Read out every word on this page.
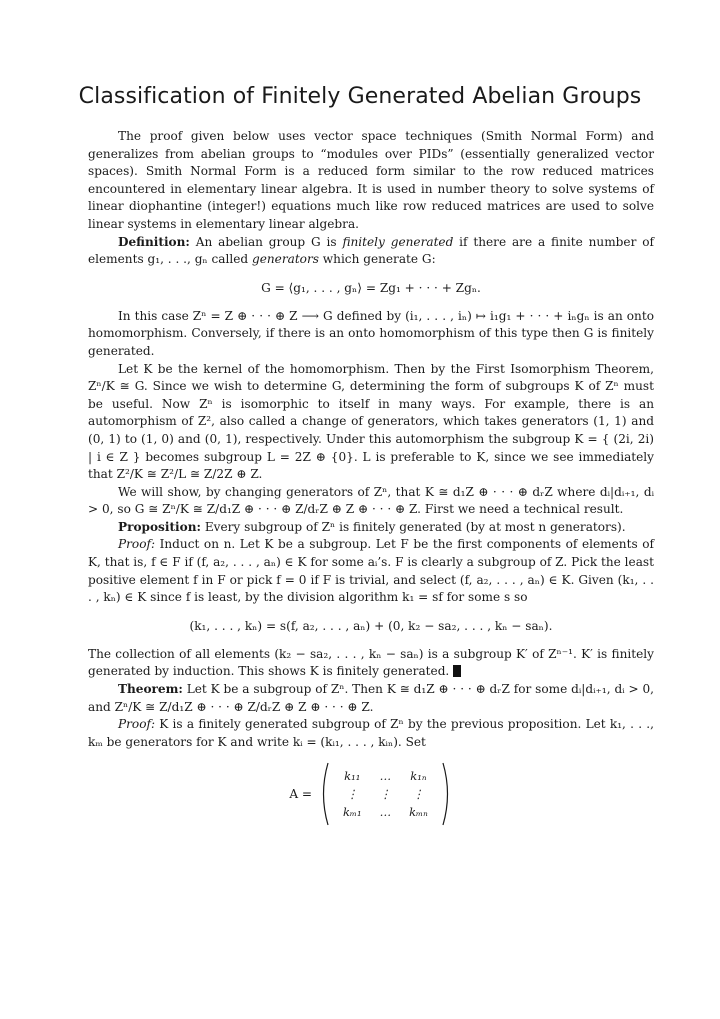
Classification of Finitely Generated Abelian Groups

The proof given below uses vector space techniques (Smith Normal Form) and generalizes from abelian groups to “modules over PIDs” (essentially generalized vector spaces). Smith Normal Form is a reduced form similar to the row reduced matrices encountered in elementary linear algebra. It is used in number theory to solve systems of linear diophantine (integer!) equations much like row reduced matrices are used to solve linear systems in elementary linear algebra.

Definition: An abelian group G is finitely generated if there are a finite number of elements g₁, . . ., gₙ called generators which generate G:

G = ⟨g₁, . . . , gₙ⟩ = Zg₁ + · · · + Zgₙ.

In this case Zⁿ = Z ⊕ · · · ⊕ Z ⟶ G defined by (i₁, . . . , iₙ) ↦ i₁g₁ + · · · + iₙgₙ is an onto homomorphism. Conversely, if there is an onto homomorphism of this type then G is finitely generated.

Let K be the kernel of the homomorphism. Then by the First Isomorphism Theorem, Zⁿ/K ≅ G. Since we wish to determine G, determining the form of subgroups K of Zⁿ must be useful. Now Zⁿ is isomorphic to itself in many ways. For example, there is an automorphism of Z², also called a change of generators, which takes generators (1, 1) and (0, 1) to (1, 0) and (0, 1), respectively. Under this automorphism the subgroup K = { (2i, 2i) | i ∈ Z } becomes subgroup L = 2Z ⊕ {0}. L is preferable to K, since we see immediately that Z²/K ≅ Z²/L ≅ Z/2Z ⊕ Z.

We will show, by changing generators of Zⁿ, that K ≅ d₁Z ⊕ · · · ⊕ dᵣZ where dᵢ|dᵢ₊₁, dᵢ > 0, so G ≅ Zⁿ/K ≅ Z/d₁Z ⊕ · · · ⊕ Z/dᵣZ ⊕ Z ⊕ · · · ⊕ Z. First we need a technical result.

Proposition: Every subgroup of Zⁿ is finitely generated (by at most n generators).

Proof: Induct on n. Let K be a subgroup. Let F be the first components of elements of K, that is, f ∈ F if (f, a₂, . . . , aₙ) ∈ K for some aᵢ’s. F is clearly a subgroup of Z. Pick the least positive element f in F or pick f = 0 if F is trivial, and select (f, a₂, . . . , aₙ) ∈ K. Given (k₁, . . . , kₙ) ∈ K since f is least, by the division algorithm k₁ = sf for some s so

(k₁, . . . , kₙ) = s(f, a₂, . . . , aₙ) + (0, k₂ − sa₂, . . . , kₙ − saₙ).

The collection of all elements (k₂ − sa₂, . . . , kₙ − saₙ) is a subgroup K′ of Zⁿ⁻¹. K′ is finitely generated by induction. This shows K is finitely generated.

Theorem: Let K be a subgroup of Zⁿ. Then K ≅ d₁Z ⊕ · · · ⊕ dᵣZ for some dᵢ|dᵢ₊₁, dᵢ > 0, and Zⁿ/K ≅ Z/d₁Z ⊕ · · · ⊕ Z/dᵣZ ⊕ Z ⊕ · · · ⊕ Z.

Proof: K is a finitely generated subgroup of Zⁿ by the previous proposition. Let k₁, . . ., kₘ be generators for K and write kᵢ = (kᵢ₁, . . . , kᵢₙ). Set

A =
k₁₁	…	k₁ₙ
⋮	⋮	⋮
kₘ₁	…	kₘₙ
